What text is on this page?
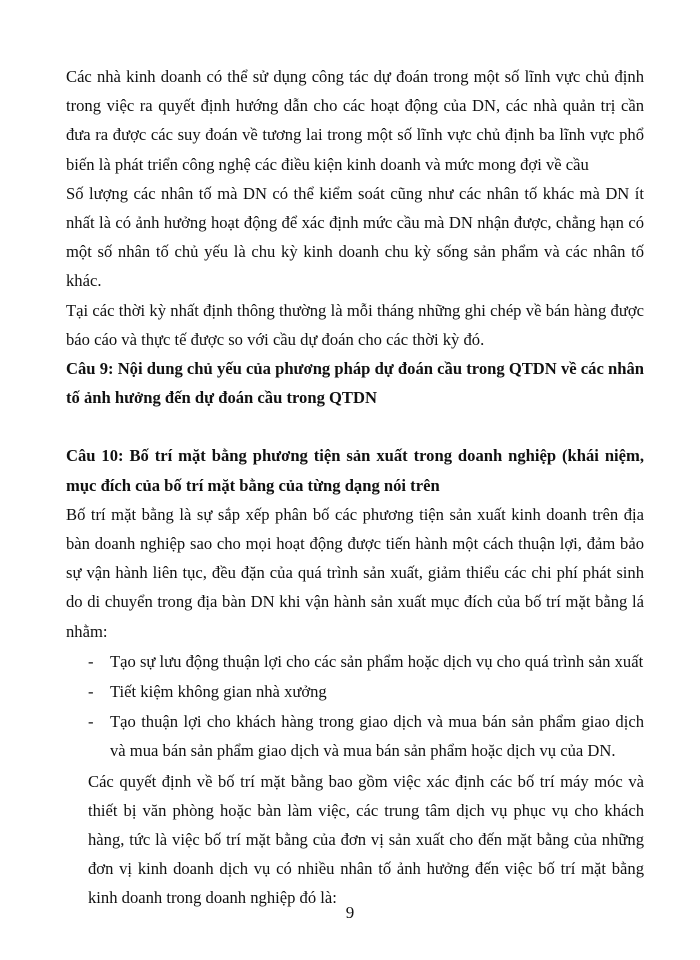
Các nhà kinh doanh có thể sử dụng công tác dự đoán trong một số lĩnh vực chủ định trong việc ra quyết định hướng dẫn cho các hoạt động của DN, các nhà quản trị cần đưa ra được các suy đoán về tương lai trong một số lĩnh vực chủ định ba lĩnh vực phổ biến là phát triển công nghệ các điều kiện kinh doanh và mức mong đợi về cầu

Số lượng các nhân tố mà DN có thể kiểm soát cũng như các nhân tố khác mà DN ít nhất là có ảnh hưởng hoạt động để xác định mức cầu mà DN nhận được, chẳng hạn có một số nhân tố chủ yếu là chu kỳ kinh doanh chu kỳ sống sản phẩm và các nhân tố khác.

Tại các thời kỳ nhất định thông thường là mỗi tháng những ghi chép về bán hàng được báo cáo và thực tế được so với cầu dự đoán cho các thời kỳ đó.

Câu 9: Nội dung chủ yếu của phương pháp dự đoán cầu trong QTDN về các nhân tố ảnh hưởng đến dự đoán cầu trong QTDN

Câu 10: Bố trí mặt bằng phương tiện sản xuất trong doanh nghiệp (khái niệm, mục đích của bố trí mặt bằng của từng dạng nói trên

Bố trí mặt bằng là sự sắp xếp phân bố các phương tiện sản xuất kinh doanh trên địa bàn doanh nghiệp sao cho mọi hoạt động được tiến hành một cách thuận lợi, đảm bảo sự vận hành liên tục, đều đặn của quá trình sản xuất, giảm thiểu các chi phí phát sinh do di chuyển trong địa bàn DN khi vận hành sản xuất mục đích của bố trí mặt bằng lá nhằm:

- Tạo sự lưu động thuận lợi cho các sản phẩm hoặc dịch vụ cho quá trình sản xuất
- Tiết kiệm không gian nhà xưởng
- Tạo thuận lợi cho khách hàng trong giao dịch và mua bán sản phẩm giao dịch và mua bán sản phẩm giao dịch và mua bán sản phẩm hoặc dịch vụ của DN.

Các quyết định về bố trí mặt bằng bao gồm việc xác định các bố trí máy móc và thiết bị văn phòng hoặc bàn làm việc, các trung tâm dịch vụ phục vụ cho khách hàng, tức là việc bố trí mặt bằng của đơn vị sản xuất cho đến mặt bằng của những đơn vị kinh doanh dịch vụ có nhiều nhân tố ảnh hưởng đến việc bố trí mặt bằng kinh doanh trong doanh nghiệp đó là:

9
